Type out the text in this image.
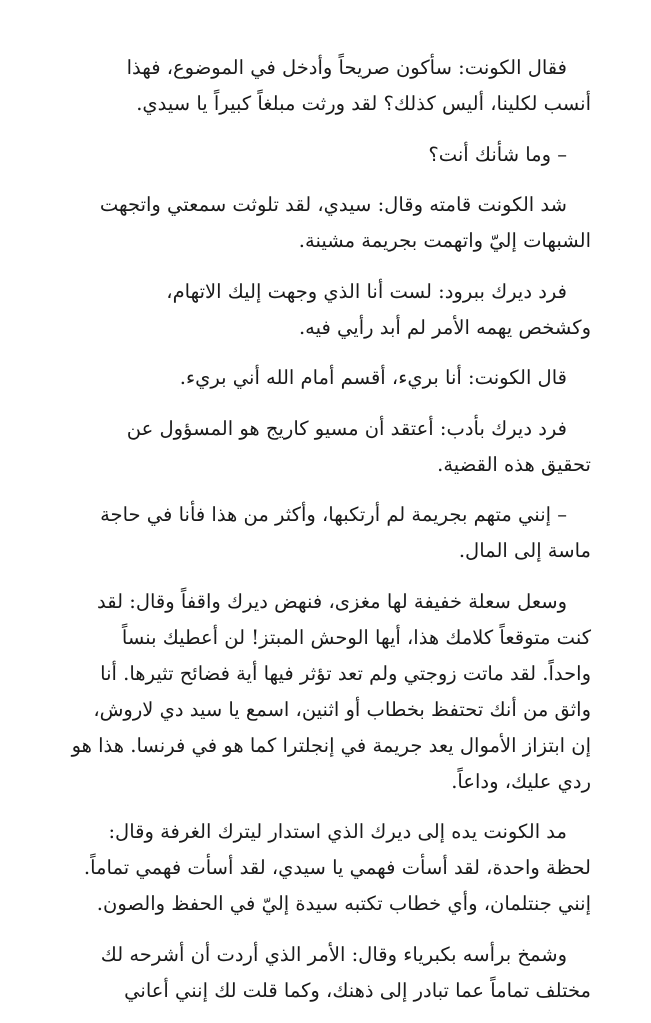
فقال الكونت: سأكون صريحاً وأدخل في الموضوع، فهذا
أنسب لكلينا، أليس كذلك؟ لقد ورثت مبلغاً كبيراً يا سيدي.

– وما شأنك أنت؟

شد الكونت قامته وقال: سيدي، لقد تلوثت سمعتي واتجهت
الشبهات إليّ واتهمت بجريمة مشينة.

فرد ديرك ببرود: لست أنا الذي وجهت إليك الاتهام،
وكشخص يهمه الأمر لم أبد رأيي فيه.

قال الكونت: أنا بريء، أقسم أمام الله أني بريء.

فرد ديرك بأدب: أعتقد أن مسيو كاريج هو المسؤول عن
تحقيق هذه القضية.

– إنني متهم بجريمة لم أرتكبها، وأكثر من هذا فأنا في حاجة
ماسة إلى المال.

وسعل سعلة خفيفة لها مغزى، فنهض ديرك واقفاً وقال: لقد
كنت متوقعاً كلامك هذا، أيها الوحش المبتز! لن أعطيك بنساً
واحداً. لقد ماتت زوجتي ولم تعد تؤثر فيها أية فضائح تثيرها. أنا
واثق من أنك تحتفظ بخطاب أو اثنين، اسمع يا سيد دي لاروش،
إن ابتزاز الأموال يعد جريمة في إنجلترا كما هو في فرنسا. هذا هو
ردي عليك، وداعاً.

مد الكونت يده إلى ديرك الذي استدار ليترك الغرفة وقال:
لحظة واحدة، لقد أسأت فهمي يا سيدي، لقد أسأت فهمي تماماً.
إنني جنتلمان، وأي خطاب تكتبه سيدة إليّ في الحفظ والصون.

وشمخ برأسه بكبرياء وقال: الأمر الذي أردت أن أشرحه لك
مختلف تماماً عما تبادر إلى ذهنك، وكما قلت لك إنني أعاني
